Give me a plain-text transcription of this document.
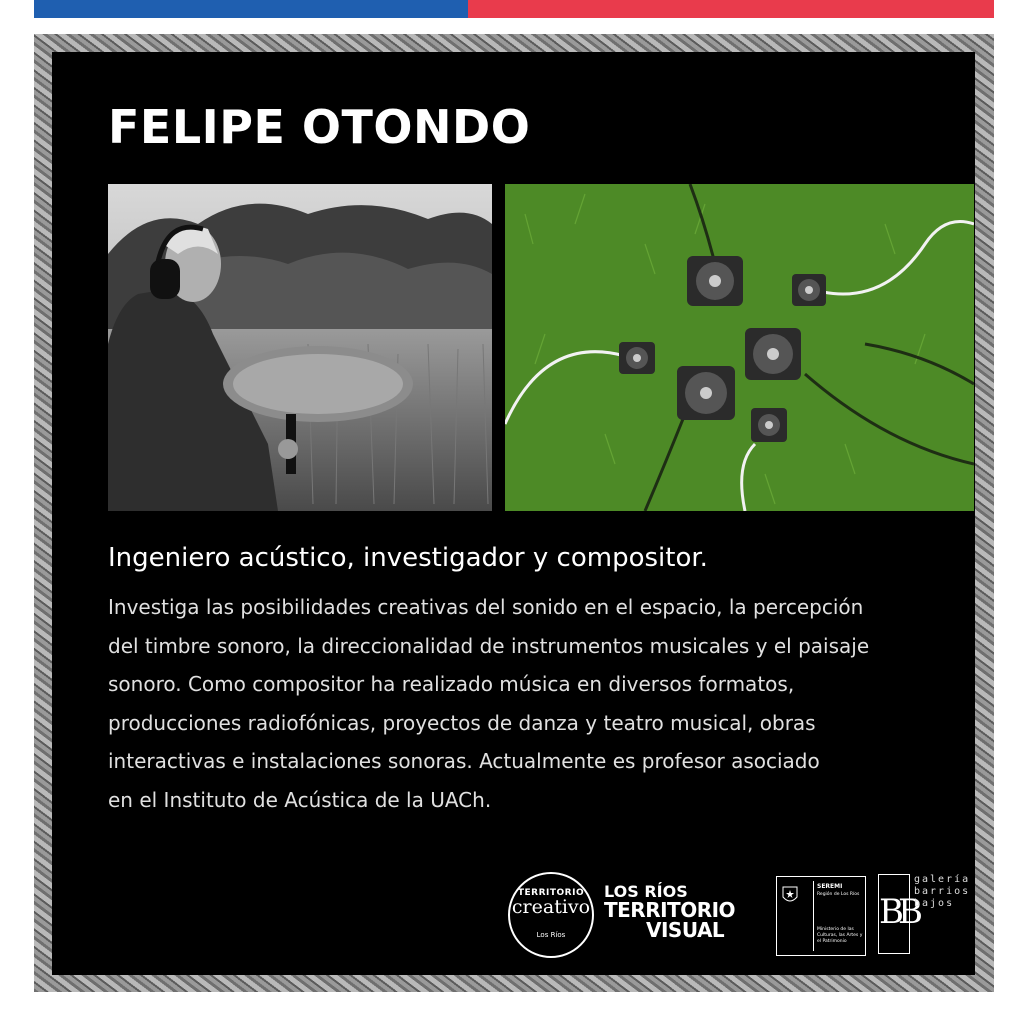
FELIPE OTONDO

Ingeniero acústico, investigador y compositor.

Investiga las posibilidades creativas del sonido en el espacio, la percepción
del timbre sonoro, la direccionalidad de instrumentos musicales y el paisaje
sonoro. Como compositor ha realizado música en diversos formatos,
producciones radiofónicas, proyectos de danza y teatro musical, obras
interactivas e instalaciones sonoras. Actualmente es profesor asociado
en el Instituto de Acústica de la UACh.
TERRITORIO
creativo
Los Ríos
LOS RÍOS
TERRITORIO
VISUAL
SEREMI
Región de Los Ríos
Ministerio de las Culturas, las Artes y el Patrimonio
BB
galería
barrios
bajos
